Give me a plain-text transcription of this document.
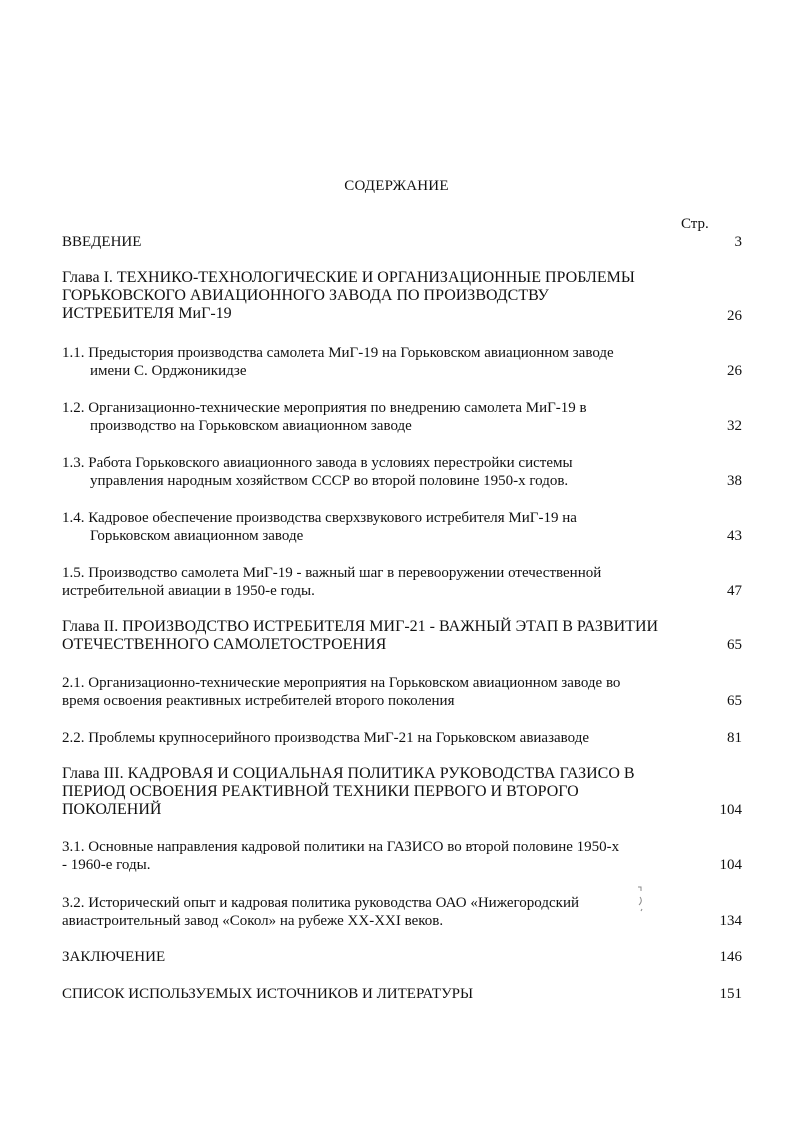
СОДЕРЖАНИЕ
Стр.
ВВЕДЕНИЕ	3
Глава I. ТЕХНИКО-ТЕХНОЛОГИЧЕСКИЕ И ОРГАНИЗАЦИОННЫЕ ПРОБЛЕМЫ
ГОРЬКОВСКОГО АВИАЦИОННОГО ЗАВОДА ПО ПРОИЗВОДСТВУ
ИСТРЕБИТЕЛЯ МиГ-19	26
1.1. Предыстория производства самолета МиГ-19 на Горьковском авиационном заводе
имени С. Орджоникидзе	26
1.2. Организационно-технические мероприятия по внедрению самолета МиГ-19 в
производство на Горьковском авиационном заводе	32
1.3. Работа Горьковского авиационного завода в условиях перестройки системы
управления народным хозяйством СССР во второй половине 1950-х годов.	38
1.4. Кадровое обеспечение производства сверхзвукового истребителя МиГ-19 на
Горьковском авиационном заводе	43
1.5. Производство самолета МиГ-19 - важный шаг в перевооружении отечественной
истребительной авиации в 1950-е годы.	47
Глава II. ПРОИЗВОДСТВО ИСТРЕБИТЕЛЯ МИГ-21 - ВАЖНЫЙ ЭТАП В РАЗВИТИИ
ОТЕЧЕСТВЕННОГО САМОЛЕТОСТРОЕНИЯ	65
2.1. Организационно-технические мероприятия на Горьковском авиационном заводе во
время освоения реактивных истребителей второго поколения	65
2.2. Проблемы крупносерийного производства МиГ-21 на Горьковском авиазаводе	81
Глава III. КАДРОВАЯ И СОЦИАЛЬНАЯ ПОЛИТИКА РУКОВОДСТВА ГАЗИСО В
ПЕРИОД ОСВОЕНИЯ РЕАКТИВНОЙ ТЕХНИКИ ПЕРВОГО И ВТОРОГО
ПОКОЛЕНИЙ	104
3.1. Основные направления кадровой политики на ГАЗИСО во второй половине 1950-х
- 1960-е годы.	104
3.2. Исторический опыт и кадровая политика руководства ОАО «Нижегородский
авиастроительный завод «Сокол» на рубеже XX-XXI веков.	134
ЗАКЛЮЧЕНИЕ	146
СПИСОК ИСПОЛЬЗУЕМЫХ ИСТОЧНИКОВ И ЛИТЕРАТУРЫ	151
